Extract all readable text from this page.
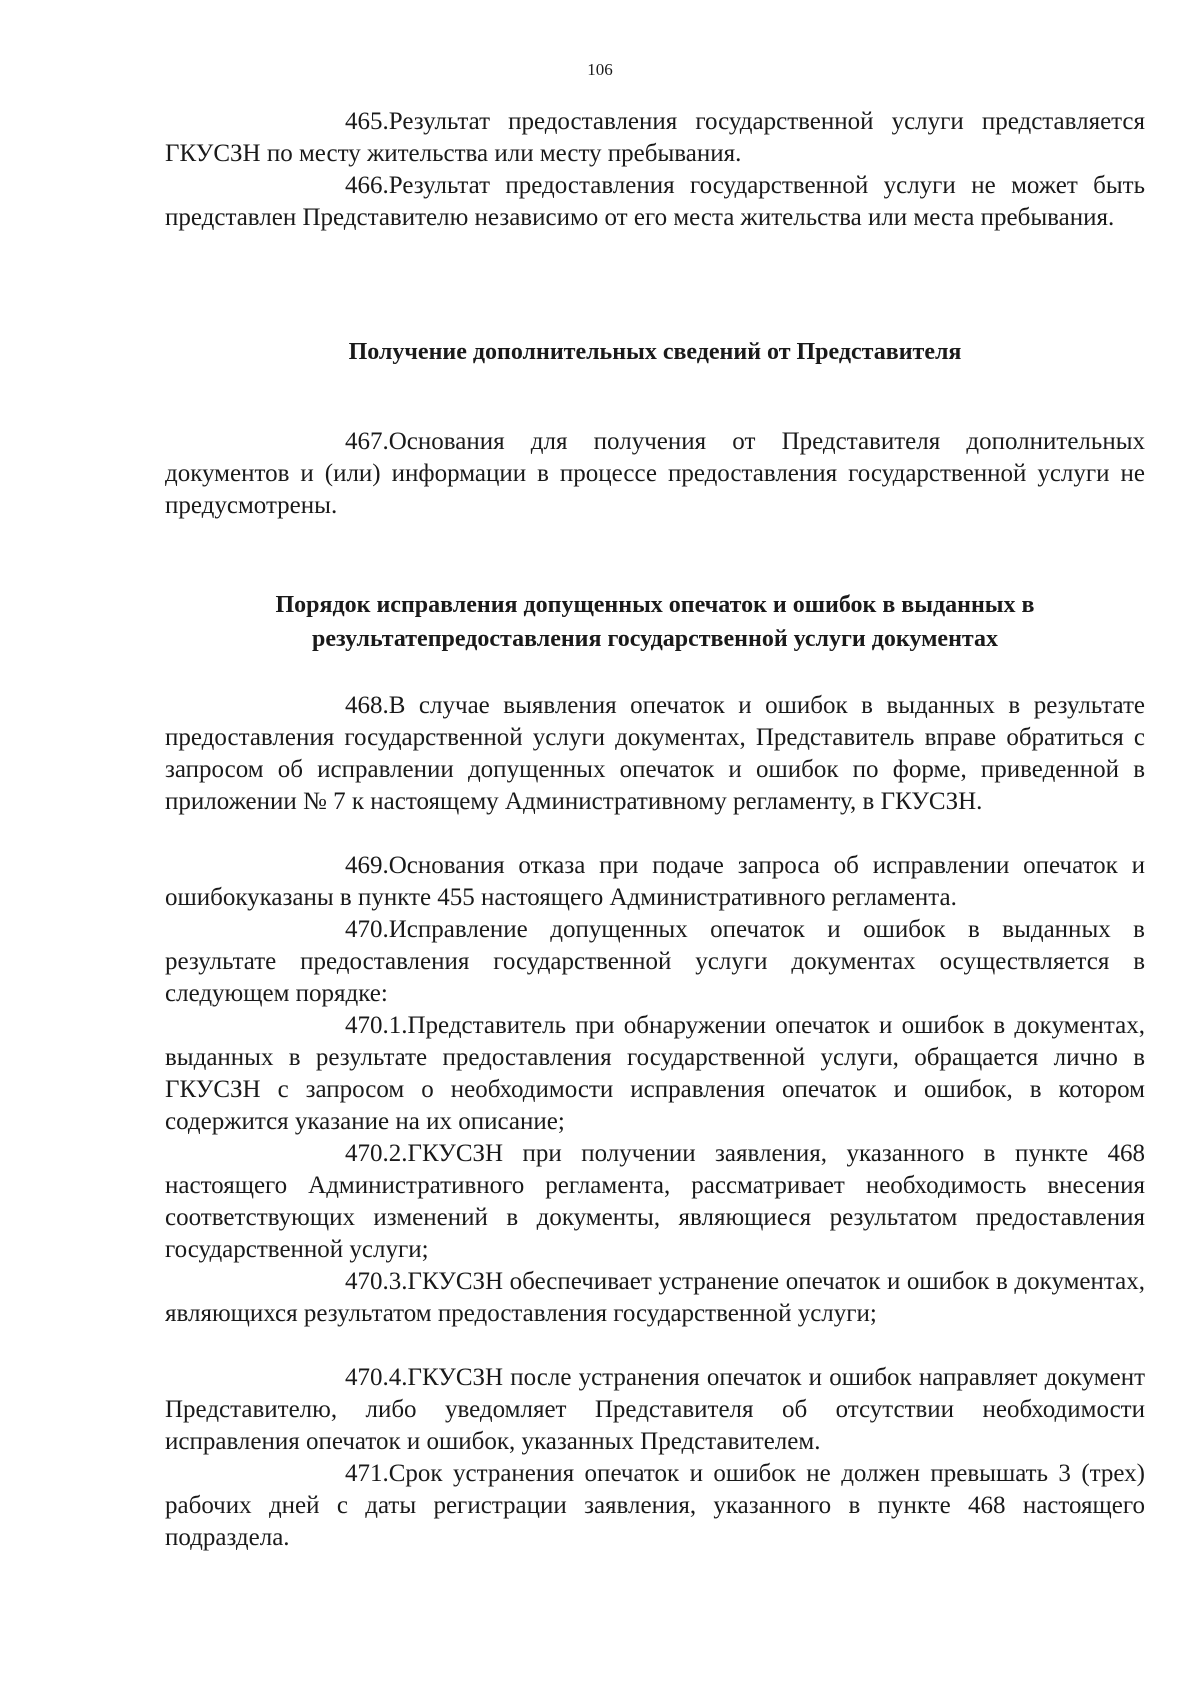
106

465.Результат предоставления государственной услуги представляется ГКУСЗН по месту жительства или месту пребывания.

466.Результат предоставления государственной услуги не может быть представлен Представителю независимо от его места жительства или места пребывания.

Получение дополнительных сведений от Представителя

467.Основания для получения от Представителя дополнительных документов и (или) информации в процессе предоставления государственной услуги не предусмотрены.

Порядок исправления допущенных опечаток и ошибок в выданных в
результатепредоставления государственной услуги документах

468.В случае выявления опечаток и ошибок в выданных в результате предоставления государственной услуги документах, Представитель вправе обратиться с запросом об исправлении допущенных опечаток и ошибок по форме, приведенной в приложении № 7 к настоящему Административному регламенту, в ГКУСЗН.

469.Основания отказа при подаче запроса об исправлении опечаток и ошибокуказаны в пункте 455 настоящего Административного регламента.

470.Исправление допущенных опечаток и ошибок в выданных в результате предоставления государственной услуги документах осуществляется в следующем порядке:

470.1.Представитель при обнаружении опечаток и ошибок в документах, выданных в результате предоставления государственной услуги, обращается лично в ГКУСЗН с запросом о необходимости исправления опечаток и ошибок, в котором содержится указание на их описание;

470.2.ГКУСЗН при получении заявления, указанного в пункте 468 настоящего Административного регламента, рассматривает необходимость внесения соответствующих изменений в документы, являющиеся результатом предоставления государственной услуги;

470.3.ГКУСЗН обеспечивает устранение опечаток и ошибок в документах, являющихся результатом предоставления государственной услуги;

470.4.ГКУСЗН после устранения опечаток и ошибок направляет документ Представителю, либо уведомляет Представителя об отсутствии необходимости исправления опечаток и ошибок, указанных Представителем.

471.Срок устранения опечаток и ошибок не должен превышать 3 (трех) рабочих дней с даты регистрации заявления, указанного в пункте 468 настоящего подраздела.
